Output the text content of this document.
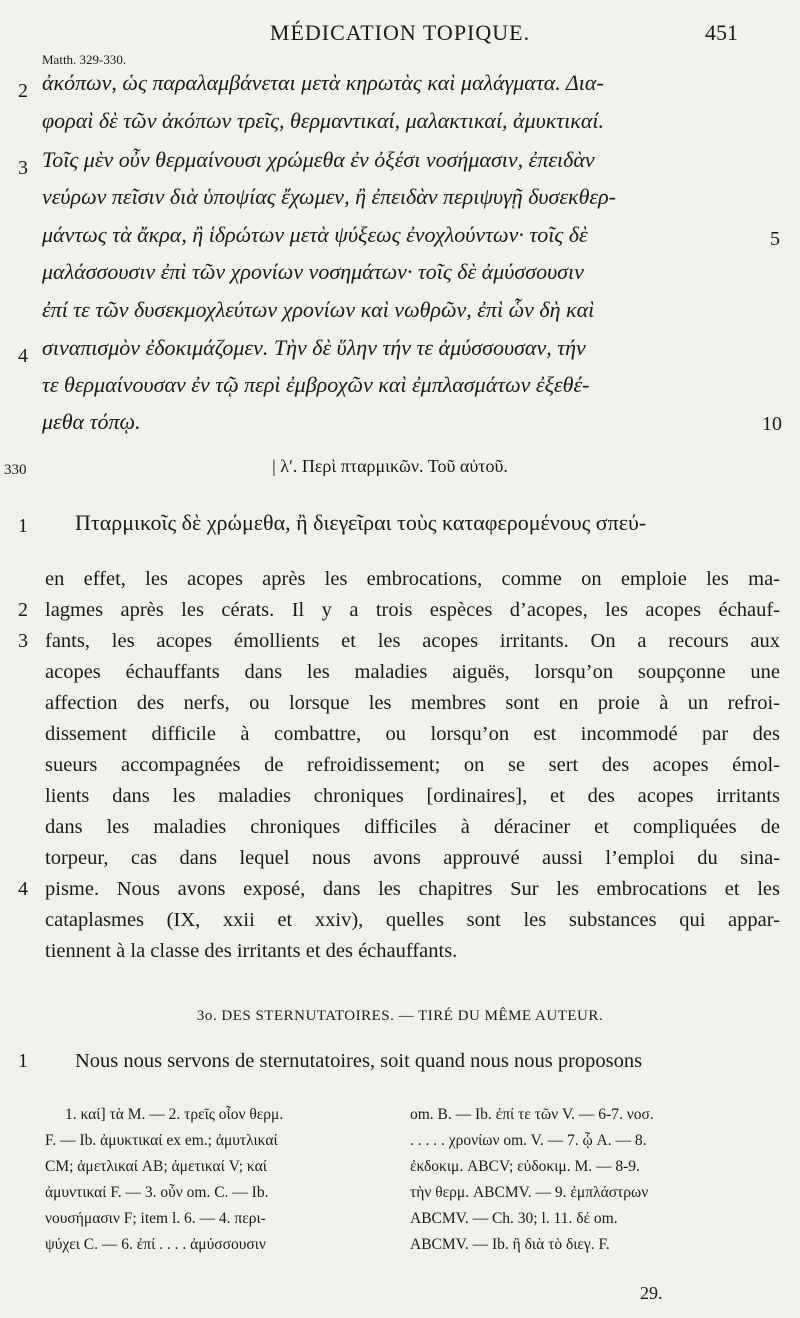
MÉDICATION TOPIQUE.	451
Matth. 329-330.
ἀκόπων, ὡς παραλαμβάνεται μετὰ κηρωτὰς καὶ μαλάγματα. Δια-
φοραὶ δὲ τῶν ἀκόπων τρεῖς, θερμαντικαί, μαλακτικαί, ἀμυκτικαί.
Τοῖς μὲν οὖν θερμαίνουσι χρώμεθα ἐν ὀξέσι νοσήμασιν, ἐπειδὰν
νεύρων πεῖσιν διὰ ὑποψίας ἔχωμεν, ἢ ἐπειδὰν περιψυγῇ δυσεκθερ-
μάντως τὰ ἄκρα, ἢ ἱδρώτων μετὰ ψύξεως ἐνοχλούντων· τοῖς δὲ
μαλάσσουσιν ἐπὶ τῶν χρονίων νοσημάτων· τοῖς δὲ ἀμύσσουσιν
ἐπί τε τῶν δυσεκμοχλεύτων χρονίων καὶ νωθρῶν, ἐπὶ ὧν δὴ καὶ
σιναπισμὸν ἐδοκιμάζομεν. Τὴν δὲ ὕλην τήν τε ἀμύσσουσαν, τήν
τε θερμαίνουσαν ἐν τῷ περὶ ἐμβροχῶν καὶ ἐμπλασμάτων ἐξεθέ-
μεθα τόπῳ.
2
3
4
5
10
330	| λʹ. Περὶ πταρμικῶν. Τοῦ αὐτοῦ.
1 Πταρμικοῖς δὲ χρώμεθα, ἢ διεγεῖραι τοὺς καταφερομένους σπεύ-
en effet, les acopes après les embrocations, comme on emploie les ma-
lagmes après les cérats. Il y a trois espèces d’acopes, les acopes échauf-
fants, les acopes émollients et les acopes irritants. On a recours aux
acopes échauffants dans les maladies aiguës, lorsqu’on soupçonne une
affection des nerfs, ou lorsque les membres sont en proie à un refroi-
dissement difficile à combattre, ou lorsqu’on est incommodé par des
sueurs accompagnées de refroidissement; on se sert des acopes émol-
lients dans les maladies chroniques [ordinaires], et des acopes irritants
dans les maladies chroniques difficiles à déraciner et compliquées de
torpeur, cas dans lequel nous avons approuvé aussi l’emploi du sina-
pisme. Nous avons exposé, dans les chapitres Sur les embrocations et les
cataplasmes (IX, xxii et xxiv), quelles sont les substances qui appar-
tiennent à la classe des irritants et des échauffants.
2
3
4
3o. DES STERNUTATOIRES. — TIRÉ DU MÊME AUTEUR.
1 Nous nous servons de sternutatoires, soit quand nous nous proposons
1. καί] τὰ M. — 2. τρεῖς οἷον θερμ.
F. — Ib. ἀμυκτικαί ex em.; ἀμυτλικαί
CM; ἀμετλικαί AB; ἀμετικαί V; καί
ἀμυντικαί F. — 3. οὖν om. C. — Ib.
νουσήμασιν F; item l. 6. — 4. περι-
ψύχει C. — 6. ἐπί . . . . ἀμύσσουσιν
om. B. — Ib. ἐπί τε τῶν V. — 6-7. νοσ.
. . . . . χρονίων om. V. — 7. ᾧ A. — 8.
ἐκδοκιμ. ABCV; εὐδοκιμ. M. — 8-9.
τὴν θερμ. ABCMV. — 9. ἐμπλάστρων
ABCMV. — Ch. 30; l. 11. δέ om.
ABCMV. — Ib. ἢ διὰ τὸ διεγ. F.
29.
